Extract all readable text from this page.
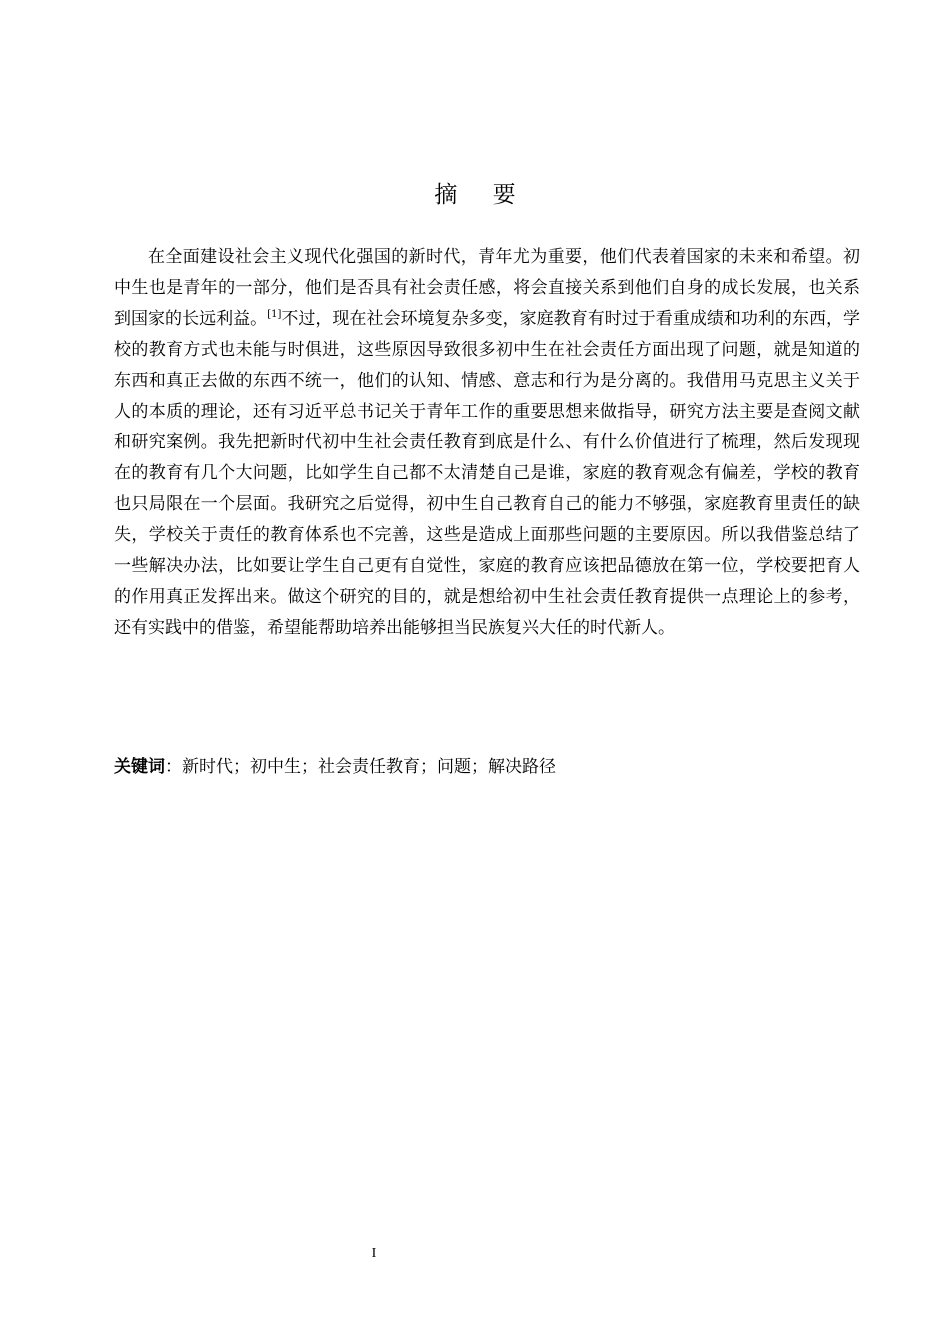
摘 要

在全面建设社会主义现代化强国的新时代，青年尤为重要，他们代表着国家的未来和希望。初中生也是青年的一部分，他们是否具有社会责任感，将会直接关系到他们自身的成长发展，也关系到国家的长远利益。[1]不过，现在社会环境复杂多变，家庭教育有时过于看重成绩和功利的东西，学校的教育方式也未能与时俱进，这些原因导致很多初中生在社会责任方面出现了问题，就是知道的东西和真正去做的东西不统一，他们的认知、情感、意志和行为是分离的。我借用马克思主义关于人的本质的理论，还有习近平总书记关于青年工作的重要思想来做指导，研究方法主要是查阅文献和研究案例。我先把新时代初中生社会责任教育到底是什么、有什么价值进行了梳理，然后发现现在的教育有几个大问题，比如学生自己都不太清楚自己是谁，家庭的教育观念有偏差，学校的教育也只局限在一个层面。我研究之后觉得，初中生自己教育自己的能力不够强，家庭教育里责任的缺失，学校关于责任的教育体系也不完善，这些是造成上面那些问题的主要原因。所以我借鉴总结了一些解决办法，比如要让学生自己更有自觉性，家庭的教育应该把品德放在第一位，学校要把育人的作用真正发挥出来。做这个研究的目的，就是想给初中生社会责任教育提供一点理论上的参考，还有实践中的借鉴，希望能帮助培养出能够担当民族复兴大任的时代新人。

关键词：新时代；初中生；社会责任教育；问题；解决路径
I
